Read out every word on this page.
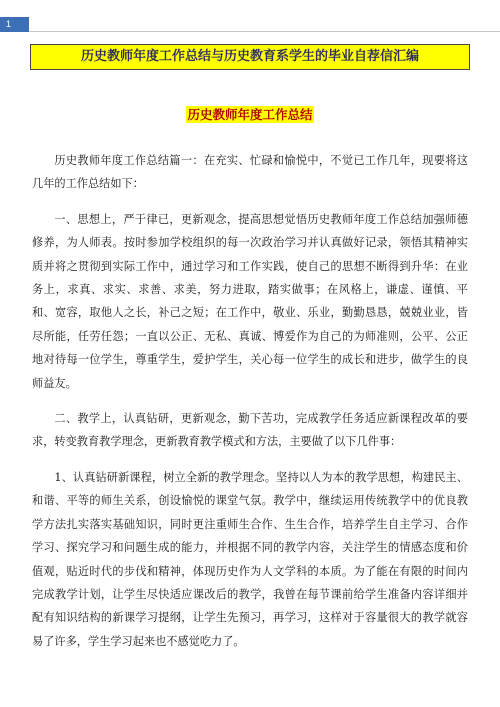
1
历史教师年度工作总结与历史教育系学生的毕业自荐信汇编
历史教师年度工作总结

历史教师年度工作总结篇一：在充实、忙碌和愉悦中，不觉已工作几年，现要将这几年的工作总结如下：

一、思想上，严于律已，更新观念，提高思想觉悟历史教师年度工作总结加强师德修养，为人师表。按时参加学校组织的每一次政治学习并认真做好记录，领悟其精神实质并将之贯彻到实际工作中，通过学习和工作实践，使自己的思想不断得到升华：在业务上，求真、求实、求善、求美，努力进取，踏实做事；在风格上，谦虚、谨慎、平和、宽容，取他人之长，补己之短；在工作中，敬业、乐业，勤勤恳恳，兢兢业业，皆尽所能，任劳任怨；一直以公正、无私、真诚、博爱作为自己的为师准则，公平、公正地对待每一位学生，尊重学生，爱护学生，关心每一位学生的成长和进步，做学生的良师益友。

二、教学上，认真钻研，更新观念，勤下苦功，完成教学任务适应新课程改革的要求，转变教育教学理念，更新教育教学模式和方法，主要做了以下几件事：

1、认真钻研新课程，树立全新的教学理念。坚持以人为本的教学思想，构建民主、和谐、平等的师生关系，创设愉悦的课堂气氛。教学中，继续运用传统教学中的优良教学方法扎实落实基础知识，同时更注重师生合作、生生合作，培养学生自主学习、合作学习、探究学习和问题生成的能力，并根据不同的教学内容，关注学生的情感态度和价值观，贴近时代的步伐和精神，体现历史作为人文学科的本质。为了能在有限的时间内完成教学计划，让学生尽快适应课改后的教学，我曾在每节课前给学生准备内容详细并配有知识结构的新课学习提纲，让学生先预习，再学习，这样对于容量很大的教学就容易了许多，学生学习起来也不感觉吃力了。
